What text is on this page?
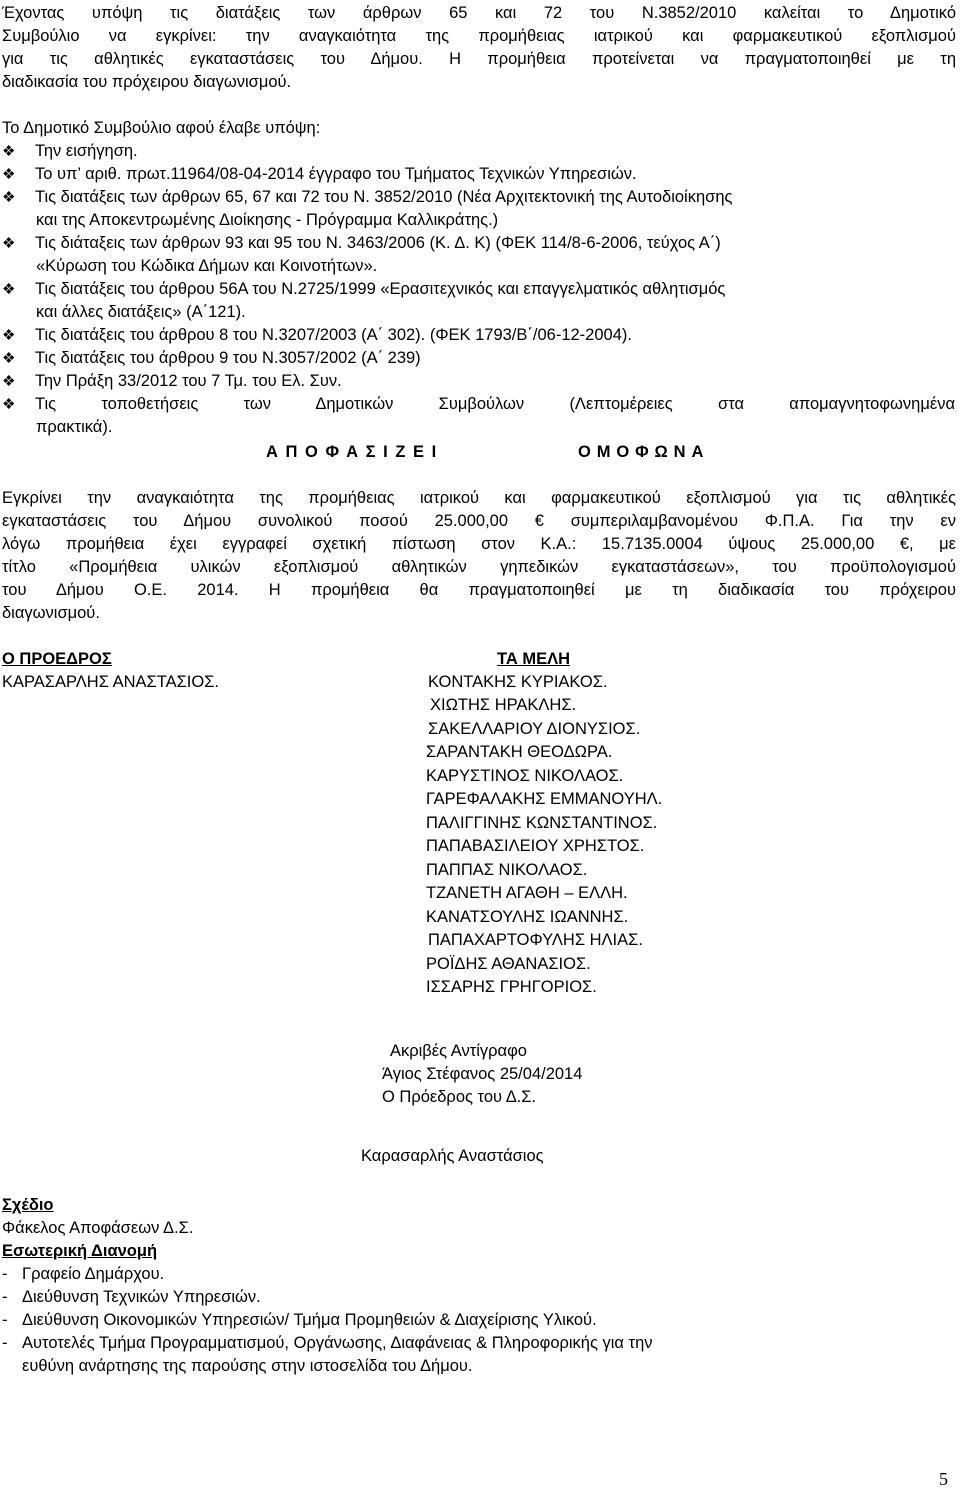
Έχοντας υπόψη τις διατάξεις των άρθρων 65 και 72 του Ν.3852/2010 καλείται το Δημοτικό
Συμβούλιο να εγκρίνει: την αναγκαιότητα της προμήθειας ιατρικού και φαρμακευτικού εξοπλισμού
για τις αθλητικές εγκαταστάσεις του Δήμου. Η προμήθεια προτείνεται να πραγματοποιηθεί με τη
διαδικασία του πρόχειρου διαγωνισμού.
Το Δημοτικό Συμβούλιο αφού έλαβε υπόψη:
❖ Την εισήγηση.
❖ Το υπ’ αριθ. πρωτ.11964/08-04-2014 έγγραφο του Τμήματος Τεχνικών Υπηρεσιών.
❖ Τις διατάξεις των άρθρων 65, 67 και 72 του Ν. 3852/2010 (Νέα Αρχιτεκτονική της Αυτοδιοίκησης
και της Αποκεντρωμένης Διοίκησης - Πρόγραμμα Καλλικράτης.)
❖ Τις διάταξεις των άρθρων 93 και 95 του Ν. 3463/2006 (Κ. Δ. Κ) (ΦΕΚ 114/8-6-2006, τεύχος Α΄)
«Κύρωση του Κώδικα Δήμων και Κοινοτήτων».
❖ Τις διατάξεις του άρθρου 56Α του Ν.2725/1999 «Ερασιτεχνικός και επαγγελματικός αθλητισμός
και άλλες διατάξεις» (Α΄121).
❖ Τις διατάξεις του άρθρου 8 του Ν.3207/2003 (Α΄ 302). (ΦΕΚ 1793/Β΄/06-12-2004).
❖ Τις διατάξεις του άρθρου 9 του Ν.3057/2002 (Α΄ 239)
❖ Την Πράξη 33/2012 του 7 Τμ. του Ελ. Συν.
❖ Τις τοποθετήσεις των Δημοτικών Συμβούλων (Λεπτομέρειες στα απομαγνητοφωνημένα
πρακτικά).
ΑΠΟΦΑΣΙΖΕΙ	ΟΜΟΦΩΝΑ
Εγκρίνει την αναγκαιότητα της προμήθειας ιατρικού και φαρμακευτικού εξοπλισμού για τις αθλητικές
εγκαταστάσεις του Δήμου συνολικού ποσού 25.000,00 € συμπεριλαμβανομένου Φ.Π.Α. Για την εν
λόγω προμήθεια έχει εγγραφεί σχετική πίστωση στον Κ.Α.: 15.7135.0004 ύψους 25.000,00 €, με
τίτλο «Προμήθεια υλικών εξοπλισμού αθλητικών γηπεδικών εγκαταστάσεων», του προϋπολογισμού
του Δήμου Ο.Ε. 2014. Η προμήθεια θα πραγματοποιηθεί με τη διαδικασία του πρόχειρου
διαγωνισμού.
Ο ΠΡΟΕΔΡΟΣ	ΤΑ ΜΕΛΗ
ΚΑΡΑΣΑΡΛΗΣ ΑΝΑΣΤΑΣΙΟΣ.	ΚΟΝΤΑΚΗΣ ΚΥΡΙΑΚΟΣ.
ΧΙΩΤΗΣ ΗΡΑΚΛΗΣ.
ΣΑΚΕΛΛΑΡΙΟΥ ΔΙΟΝΥΣΙΟΣ.
ΣΑΡΑΝΤΑΚΗ ΘΕΟΔΩΡΑ.
ΚΑΡΥΣΤΙΝΟΣ ΝΙΚΟΛΑΟΣ.
ΓΑΡΕΦΑΛΑΚΗΣ ΕΜΜΑΝΟΥΗΛ.
ΠΑΛΙΓΓΙΝΗΣ ΚΩΝΣΤΑΝΤΙΝΟΣ.
ΠΑΠΑΒΑΣΙΛΕΙΟΥ ΧΡΗΣΤΟΣ.
ΠΑΠΠΑΣ ΝΙΚΟΛΑΟΣ.
ΤΖΑΝΕΤΗ ΑΓΑΘΗ – ΕΛΛΗ.
ΚΑΝΑΤΣΟΥΛΗΣ ΙΩΑΝΝΗΣ.
ΠΑΠΑΧΑΡΤΟΦΥΛΗΣ ΗΛΙΑΣ.
ΡΟΪΔΗΣ ΑΘΑΝΑΣΙΟΣ.
ΙΣΣΑΡΗΣ ΓΡΗΓΟΡΙΟΣ.
Ακριβές Αντίγραφο
Άγιος Στέφανος 25/04/2014
Ο Πρόεδρος του Δ.Σ.
Καρασαρλής Αναστάσιος
Σχέδιο
Φάκελος Αποφάσεων Δ.Σ.
Εσωτερική Διανομή
- Γραφείο Δημάρχου.
- Διεύθυνση Τεχνικών Υπηρεσιών.
- Διεύθυνση Οικονομικών Υπηρεσιών/ Τμήμα Προμηθειών & Διαχείρισης Υλικού.
- Αυτοτελές Τμήμα Προγραμματισμού, Οργάνωσης, Διαφάνειας & Πληροφορικής για την
ευθύνη ανάρτησης της παρούσης στην ιστοσελίδα του Δήμου.
5
